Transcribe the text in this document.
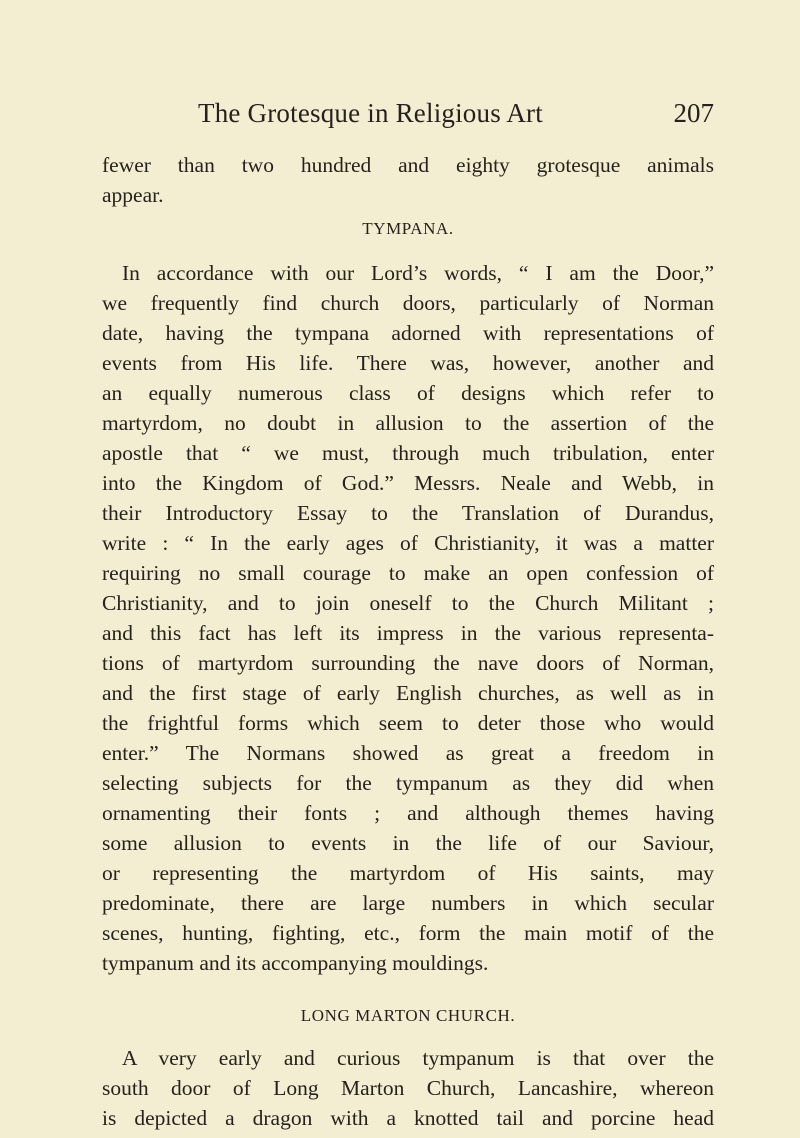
The Grotesque in Religious Art	207
fewer than two hundred and eighty grotesque animals
appear.
TYMPANA.
In accordance with our Lord’s words, “ I am the Door,”
we frequently find church doors, particularly of Norman
date, having the tympana adorned with representations of
events from His life. There was, however, another and
an equally numerous class of designs which refer to
martyrdom, no doubt in allusion to the assertion of the
apostle that “ we must, through much tribulation, enter
into the Kingdom of God.” Messrs. Neale and Webb, in
their Introductory Essay to the Translation of Durandus,
write : “ In the early ages of Christianity, it was a matter
requiring no small courage to make an open confession of
Christianity, and to join oneself to the Church Militant ;
and this fact has left its impress in the various representa-
tions of martyrdom surrounding the nave doors of Norman,
and the first stage of early English churches, as well as in
the frightful forms which seem to deter those who would
enter.” The Normans showed as great a freedom in
selecting subjects for the tympanum as they did when
ornamenting their fonts ; and although themes having
some allusion to events in the life of our Saviour,
or representing the martyrdom of His saints, may
predominate, there are large numbers in which secular
scenes, hunting, fighting, etc., form the main motif of the
tympanum and its accompanying mouldings.
LONG MARTON CHURCH.
A very early and curious tympanum is that over the
south door of Long Marton Church, Lancashire, whereon
is depicted a dragon with a knotted tail and porcine head
